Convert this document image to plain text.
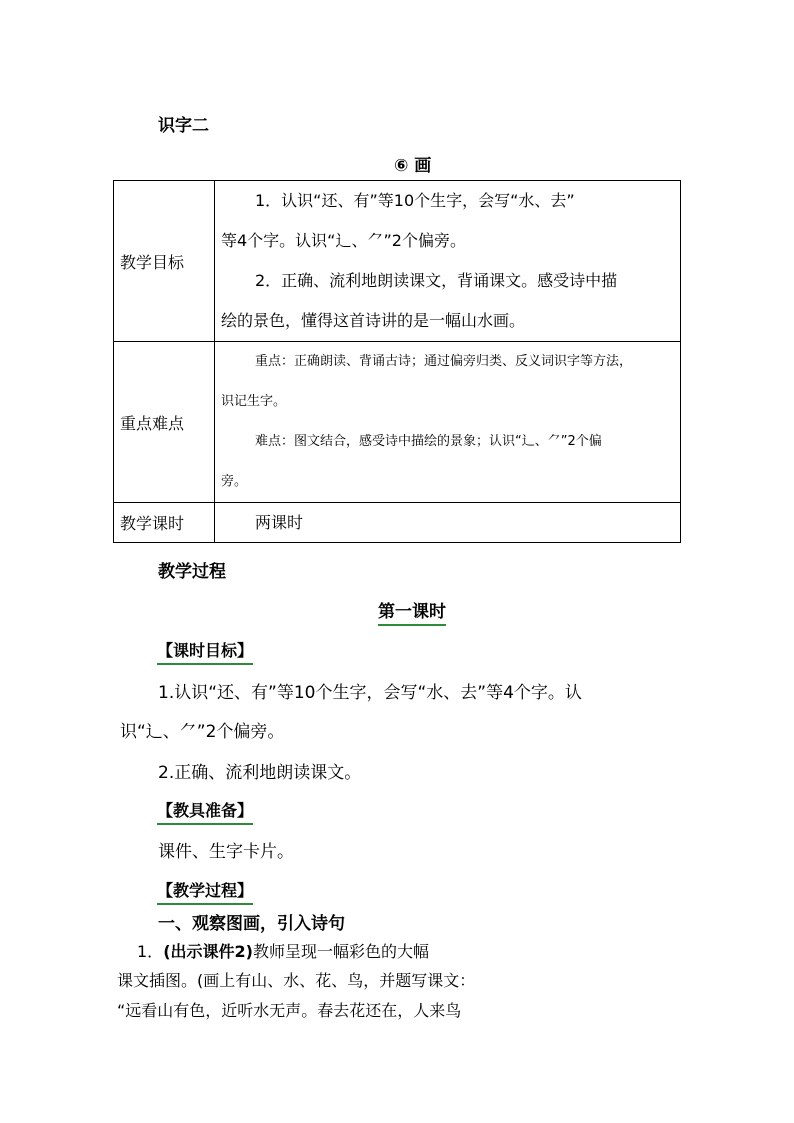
识字二
⑥ 画
教学目标	1．认识“还、有”等10个生字，会写“水、去”
等4个字。认识“辶、⺈”2个偏旁。
2．正确、流利地朗读课文，背诵课文。感受诗中描
绘的景色，懂得这首诗讲的是一幅山水画。

重点难点	重点：正确朗读、背诵古诗；通过偏旁归类、反义词识字等方法，
识记生字。
难点：图文结合，感受诗中描绘的景象；认识“辶、⺈”2个偏
旁。

教学课时	两课时
教学过程
第一课时
【课时目标】
1.认识“还、有”等10个生字，会写“水、去”等4个字。认
识“辶、⺈”2个偏旁。
2.正确、流利地朗读课文。
【教具准备】
课件、生字卡片。
【教学过程】
一、观察图画，引入诗句
1．(出示课件2)教师呈现一幅彩色的大幅
课文插图。(画上有山、水、花、鸟，并题写课文：
“远看山有色，近听水无声。春去花还在，人来鸟
